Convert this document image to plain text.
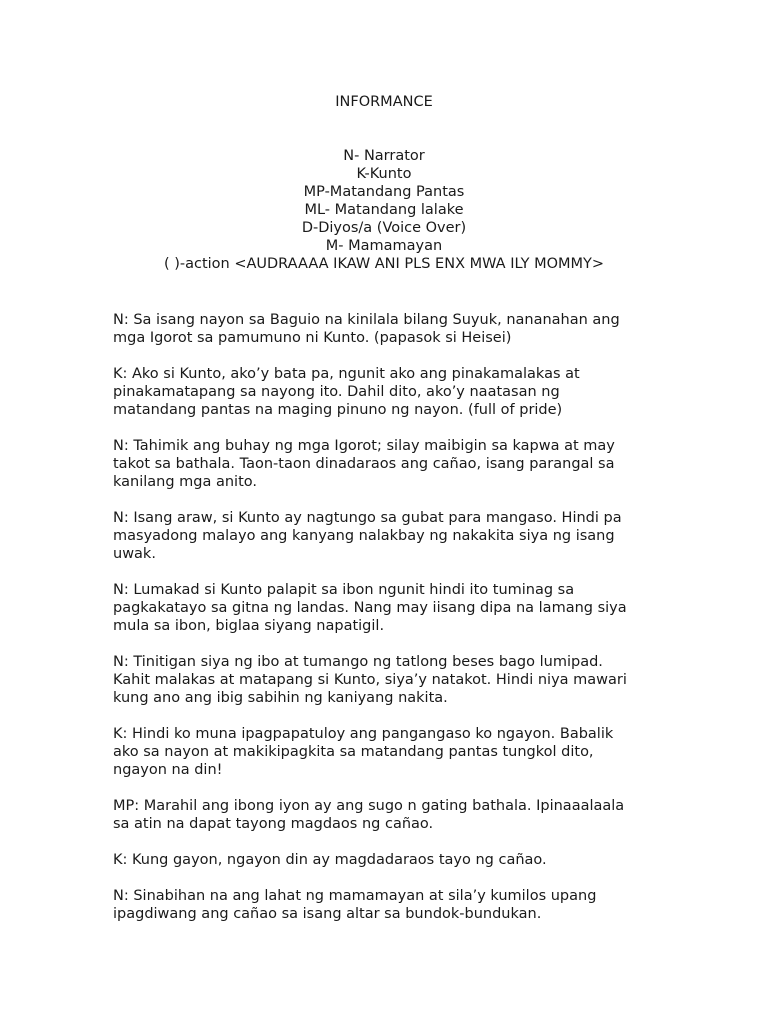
INFORMANCE
N- Narrator
K-Kunto
MP-Matandang Pantas
ML- Matandang lalake
D-Diyos/a (Voice Over)
M- Mamamayan
( )-action <AUDRAAAA IKAW ANI PLS ENX MWA ILY MOMMY>

N: Sa isang nayon sa Baguio na kinilala bilang Suyuk, nananahan ang
mga Igorot sa pamumuno ni Kunto. (papasok si Heisei)

K: Ako si Kunto, ako’y bata pa, ngunit ako ang pinakamalakas at
pinakamatapang sa nayong ito. Dahil dito, ako’y naatasan ng
matandang pantas na maging pinuno ng nayon. (full of pride)

N: Tahimik ang buhay ng mga Igorot; silay maibigin sa kapwa at may
takot sa bathala. Taon-taon dinadaraos ang cañao, isang parangal sa
kanilang mga anito.

N: Isang araw, si Kunto ay nagtungo sa gubat para mangaso. Hindi pa
masyadong malayo ang kanyang nalakbay ng nakakita siya ng isang
uwak.

N: Lumakad si Kunto palapit sa ibon ngunit hindi ito tuminag sa
pagkakatayo sa gitna ng landas. Nang may iisang dipa na lamang siya
mula sa ibon, biglaa siyang napatigil.

N: Tinitigan siya ng ibo at tumango ng tatlong beses bago lumipad.
Kahit malakas at matapang si Kunto, siya’y natakot. Hindi niya mawari
kung ano ang ibig sabihin ng kaniyang nakita.

K: Hindi ko muna ipagpapatuloy ang pangangaso ko ngayon. Babalik
ako sa nayon at makikipagkita sa matandang pantas tungkol dito,
ngayon na din!

MP: Marahil ang ibong iyon ay ang sugo n gating bathala. Ipinaaalaala
sa atin na dapat tayong magdaos ng cañao.

K: Kung gayon, ngayon din ay magdadaraos tayo ng cañao.

N: Sinabihan na ang lahat ng mamamayan at sila’y kumilos upang
ipagdiwang ang cañao sa isang altar sa bundok-bundukan.
